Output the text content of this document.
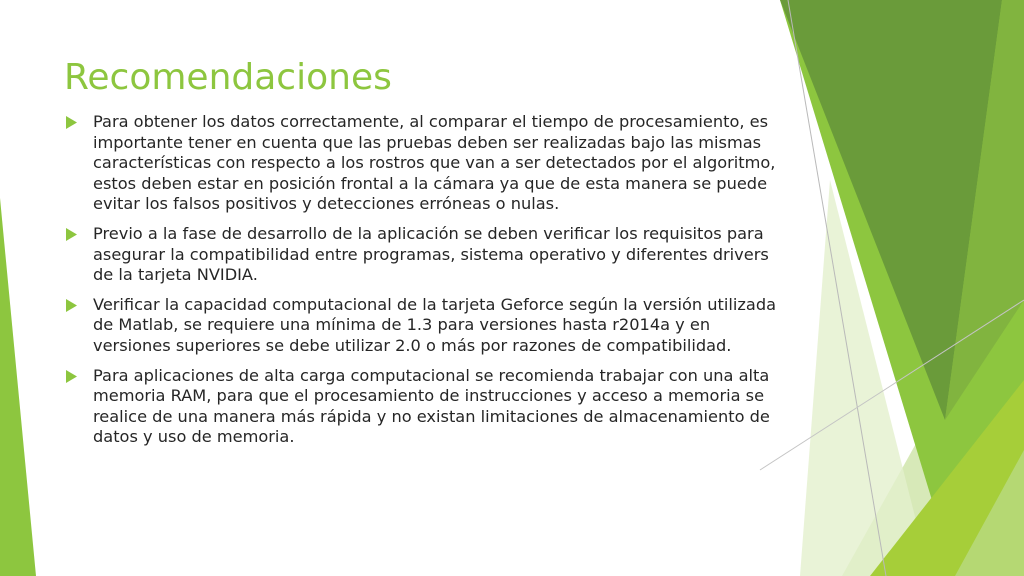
Recomendaciones
Para obtener los datos correctamente, al comparar el tiempo de procesamiento, es importante tener en cuenta que las pruebas deben ser realizadas bajo las mismas características con respecto a los rostros que van a ser detectados por el algoritmo, estos deben estar en posición frontal a la cámara ya que de esta manera se puede evitar los falsos positivos y detecciones erróneas o nulas.
Previo a la fase de desarrollo de la aplicación se deben verificar los requisitos para asegurar la compatibilidad entre programas, sistema operativo y diferentes drivers de la tarjeta NVIDIA.
Verificar la capacidad computacional de la tarjeta Geforce según la versión utilizada de Matlab, se requiere una mínima de 1.3 para versiones hasta r2014a y en versiones superiores se debe utilizar 2.0 o más por razones de compatibilidad.
Para aplicaciones de alta carga computacional se recomienda trabajar con una alta memoria RAM, para que el procesamiento de instrucciones y acceso a memoria se realice de una manera más rápida y no existan limitaciones de almacenamiento de datos y uso de memoria.
